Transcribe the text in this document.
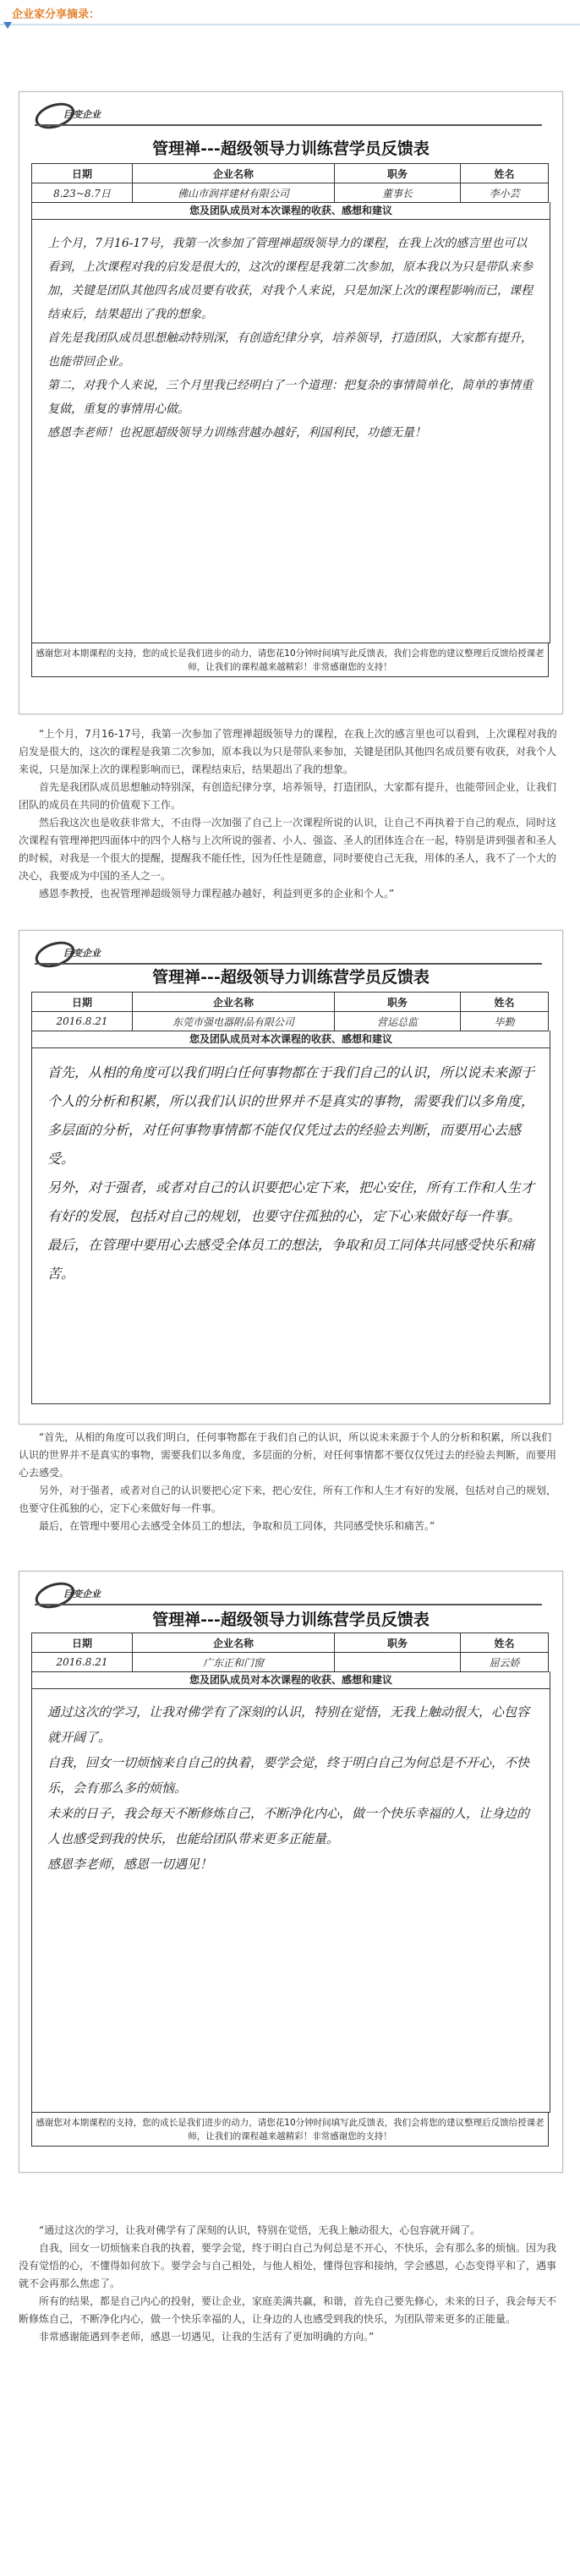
企业家分享摘录：
巨变企业
管理禅---超级领导力训练营学员反馈表
日期	企业名称	职务	姓名
8.23~8.7日	佛山市润祥建材有限公司	董事长	李小芸
您及团队成员对本次课程的收获、感想和建议
上个月，7月16-17号，我第一次参加了管理禅超级领导力的课程，在我上次的感言里也可以看到，上次课程对我的启发是很大的，这次的课程是我第二次参加，原本我以为只是带队来参加，关键是团队其他四名成员要有收获，对我个人来说，只是加深上次的课程影响而已，课程结束后，结果超出了我的想象。
首先是我团队成员思想触动特别深，有创造纪律分享，培养领导，打造团队，大家都有提升，也能带回企业。
第二，对我个人来说，三个月里我已经明白了一个道理：把复杂的事情简单化，简单的事情重复做，重复的事情用心做。
感恩李老师！也祝愿超级领导力训练营越办越好，利国利民，功德无量！
感谢您对本期课程的支持，您的成长是我们进步的动力，请您花10分钟时间填写此反馈表，我们会将您的建议整理后反馈给授课老师，让我们的课程越来越精彩！非常感谢您的支持！

“上个月，7月16-17号，我第一次参加了管理禅超级领导力的课程，在我上次的感言里也可以看到，上次课程对我的启发是很大的，这次的课程是我第二次参加，原本我以为只是带队来参加，关键是团队其他四名成员要有收获，对我个人来说，只是加深上次的课程影响而已，课程结束后，结果超出了我的想象。

首先是我团队成员思想触动特别深，有创造纪律分享，培养领导，打造团队，大家都有提升，也能带回企业，让我们团队的成员在共同的价值观下工作。

然后我这次也是收获非常大，不由得一次加强了自己上一次课程所说的认识，让自己不再执着于自己的观点，同时这次课程有管理禅把四面体中的四个人格与上次所说的强者、小人、强盗、圣人的团体连合在一起，特别是讲到强者和圣人的时候，对我是一个很大的提醒，提醒我不能任性，因为任性是随意，同时要使自己无我，用体的圣人，我不了一个大的决心，我要成为中国的圣人之一。

感恩李教授，也祝管理禅超级领导力课程越办越好，利益到更多的企业和个人。”

巨变企业
管理禅---超级领导力训练营学员反馈表
日期	企业名称	职务	姓名
2016.8.21	东莞市强电器附品有限公司	营运总监	毕勤
您及团队成员对本次课程的收获、感想和建议
首先，从相的角度可以我们明白任何事物都在于我们自己的认识，所以说未来源于个人的分析和积累，所以我们认识的世界并不是真实的事物，需要我们以多角度，多层面的分析，对任何事物事情都不能仅仅凭过去的经验去判断，而要用心去感受。
另外，对于强者，或者对自己的认识要把心定下来，把心安住，所有工作和人生才有好的发展，包括对自己的规划，也要守住孤独的心，定下心来做好每一件事。
最后，在管理中要用心去感受全体员工的想法，争取和员工同体共同感受快乐和痛苦。

“首先，从相的角度可以我们明白，任何事物都在于我们自己的认识，所以说未来源于个人的分析和积累，所以我们认识的世界并不是真实的事物，需要我们以多角度，多层面的分析，对任何事情都不要仅仅凭过去的经验去判断，而要用心去感受。

另外，对于强者，或者对自己的认识要把心定下来，把心安住，所有工作和人生才有好的发展，包括对自己的规划，也要守住孤独的心，定下心来做好每一件事。

最后，在管理中要用心去感受全体员工的想法，争取和员工同体，共同感受快乐和痛苦。”

巨变企业
管理禅---超级领导力训练营学员反馈表
日期	企业名称	职务	姓名
2016.8.21	广东正和门窗		屈云娇
您及团队成员对本次课程的收获、感想和建议
通过这次的学习，让我对佛学有了深刻的认识，特别在觉悟，无我上触动很大，心包容就开阔了。
自我，回女一切烦恼来自自己的执着，要学会觉，终于明白自己为何总是不开心，不快乐，会有那么多的烦恼。
未来的日子，我会每天不断修炼自己，不断净化内心，做一个快乐幸福的人，让身边的人也感受到我的快乐，也能给团队带来更多正能量。
感恩李老师，感恩一切遇见！
感谢您对本期课程的支持，您的成长是我们进步的动力，请您花10分钟时间填写此反馈表，我们会将您的建议整理后反馈给授课老师，让我们的课程越来越精彩！非常感谢您的支持！

“通过这次的学习，让我对佛学有了深刻的认识，特别在觉悟，无我上触动很大，心包容就开阔了。

自我，回女一切烦恼来自我的执着，要学会觉，终于明白自己为何总是不开心，不快乐，会有那么多的烦恼。因为我没有觉悟的心，不懂得如何放下。要学会与自己相处，与他人相处，懂得包容和接纳，学会感恩，心态变得平和了，遇事就不会再那么焦虑了。

所有的结果，都是自己内心的投射，要让企业，家庭美满共赢，和谐，首先自己要先修心，未来的日子，我会每天不断修炼自己，不断净化内心，做一个快乐幸福的人，让身边的人也感受到我的快乐，为团队带来更多的正能量。

非常感谢能遇到李老师，感恩一切遇见，让我的生活有了更加明确的方向。”
